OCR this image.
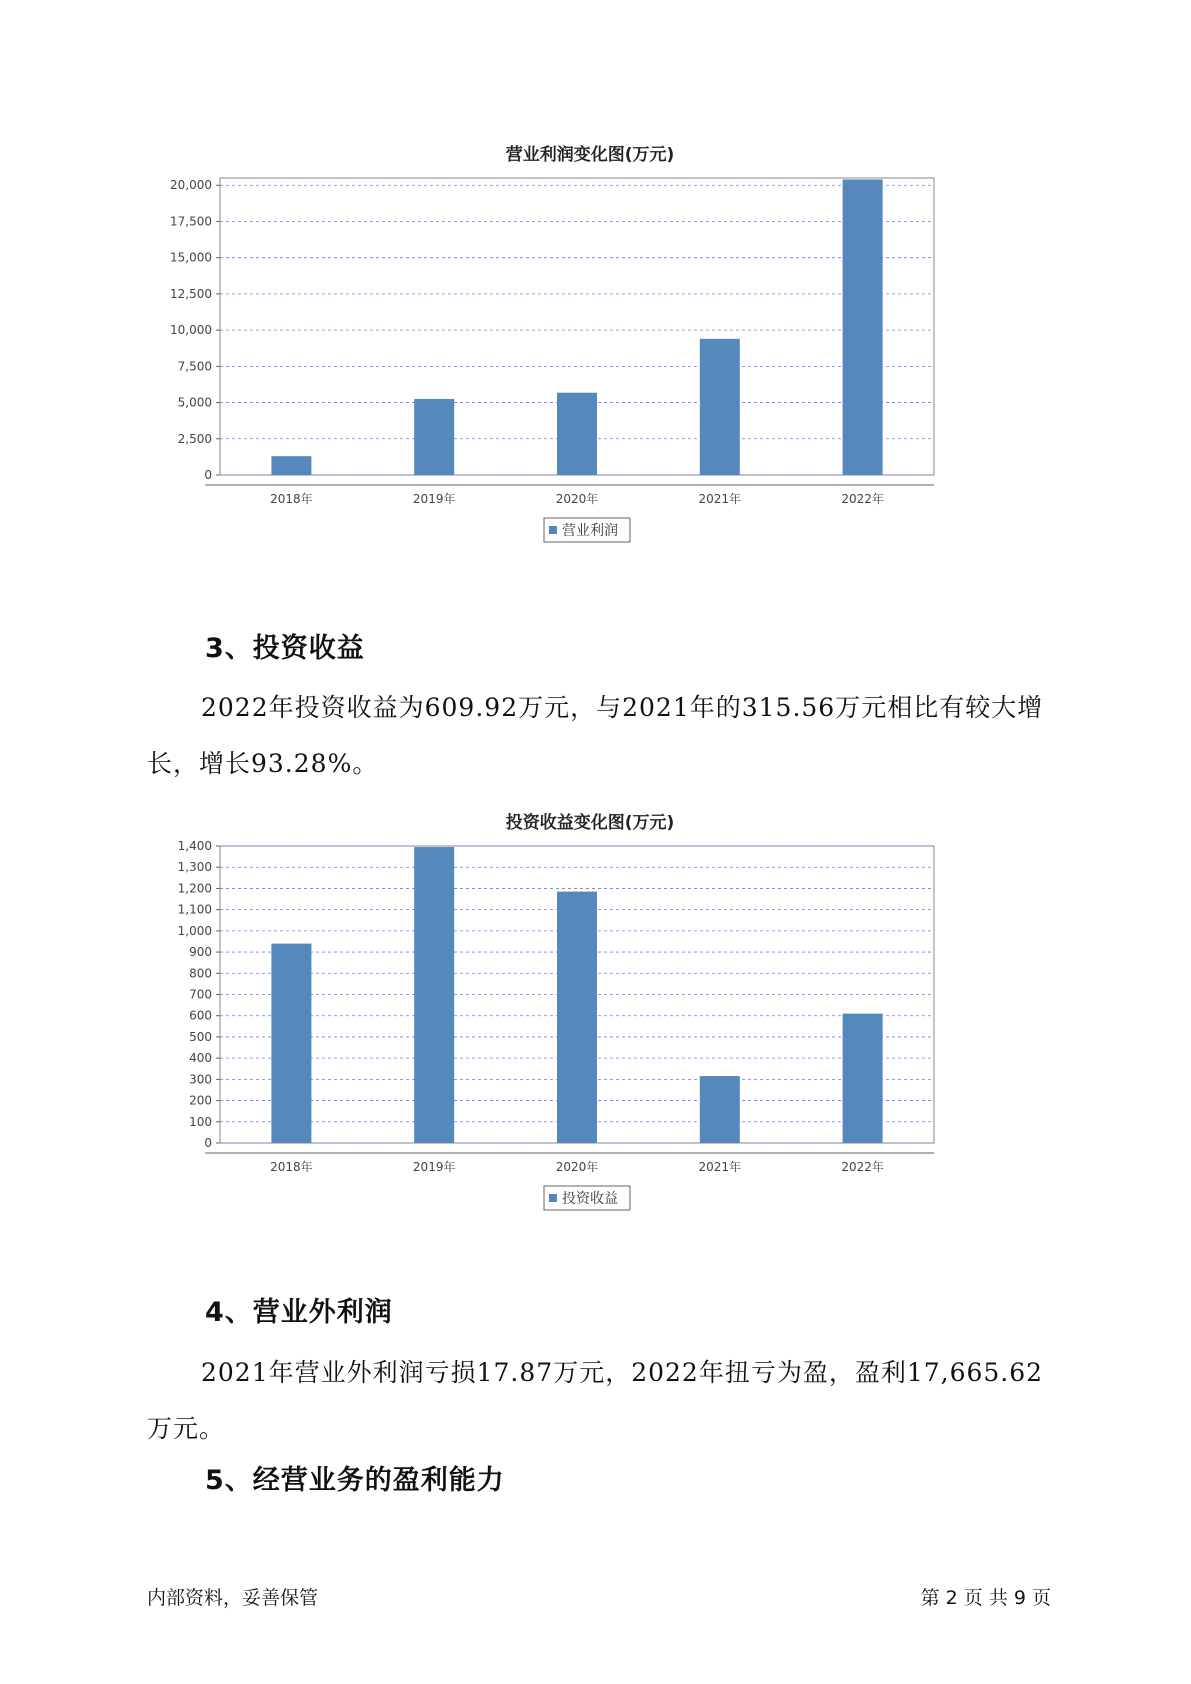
营业利润变化图(万元)
0
2,500
5,000
7,500
10,000
12,500
15,000
17,500
20,000
2018年	2019年	2020年	2021年	2022年
营业利润
3、投资收益

2022年投资收益为609.92万元，与2021年的315.56万元相比有较大增长，增长93.28%。

投资收益变化图(万元)
0
100
200
300
400
500
600
700
800
900
1,000
1,100
1,200
1,300
1,400
2018年	2019年	2020年	2021年	2022年
投资收益
4、营业外利润

2021年营业外利润亏损17.87万元，2022年扭亏为盈，盈利17,665.62万元。

5、经营业务的盈利能力
内部资料，妥善保管	第 2 页 共 9 页
